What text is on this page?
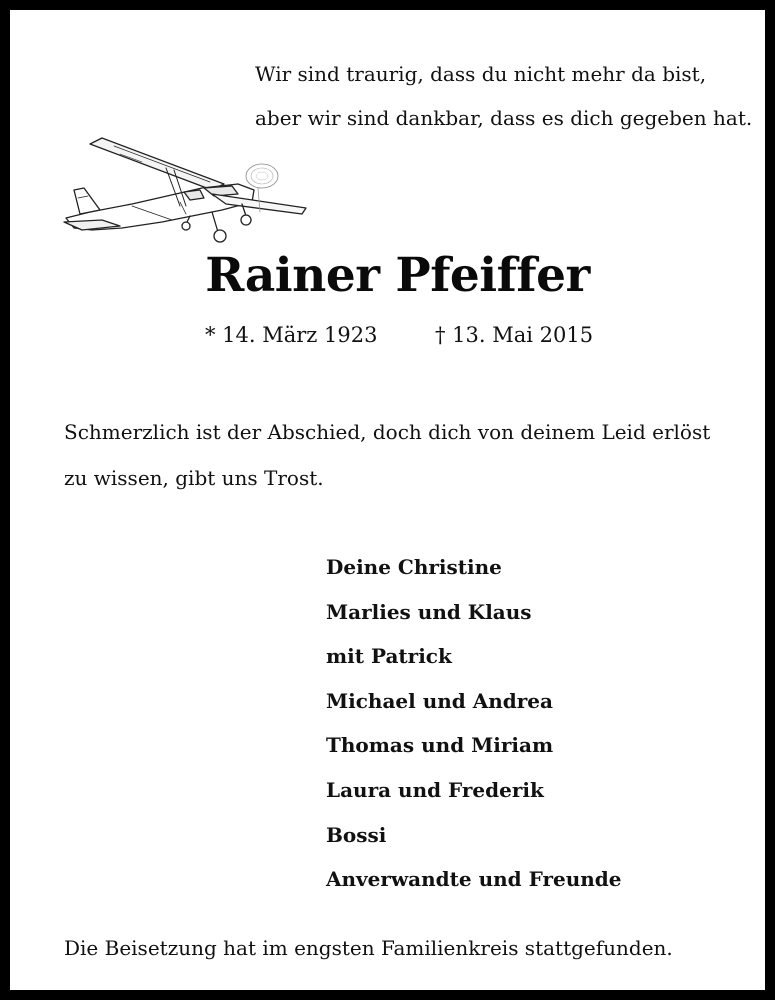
Wir sind traurig, dass du nicht mehr da bist,
aber wir sind dankbar, dass es dich gegeben hat.
Rainer Pfeiffer
* 14. März 1923	† 13. Mai 2015
Schmerzlich ist der Abschied, doch dich von deinem Leid erlöst zu wissen, gibt uns Trost.
Deine Christine
Marlies und Klaus
mit Patrick
Michael und Andrea
Thomas und Miriam
Laura und Frederik
Bossi
Anverwandte und Freunde
Die Beisetzung hat im engsten Familienkreis stattgefunden.
